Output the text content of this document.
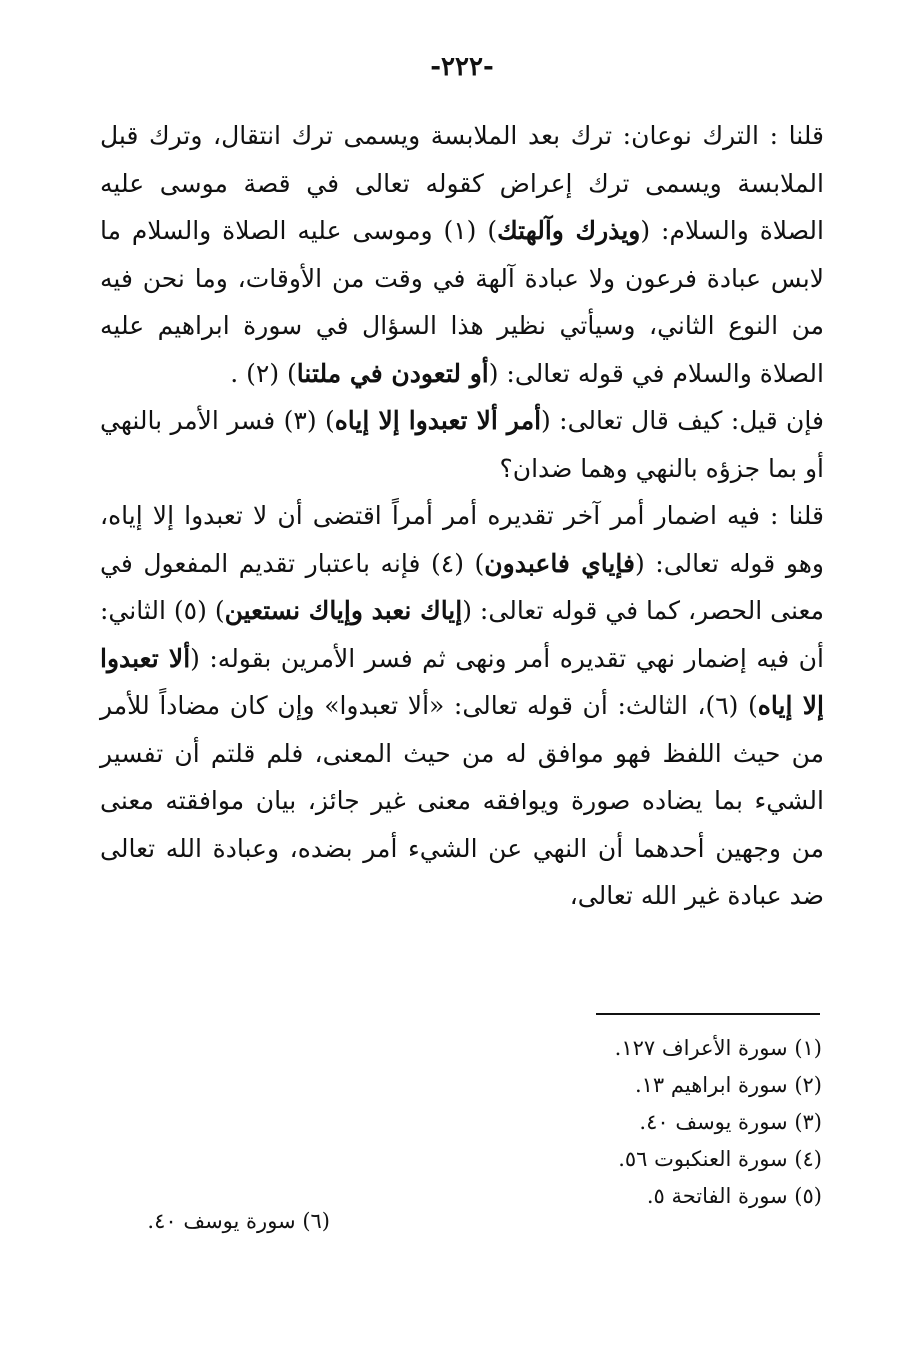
-٢٢٢-

قلنا : الترك نوعان: ترك بعد الملابسة ويسمى ترك انتقال، وترك قبل الملابسة ويسمى ترك إعراض كقوله تعالى في قصة موسى عليه الصلاة والسلام: (ويذرك وآلهتك) (١) وموسى عليه الصلاة والسلام ما لابس عبادة فرعون ولا عبادة آلهة في وقت من الأوقات، وما نحن فيه من النوع الثاني، وسيأتي نظير هذا السؤال في سورة ابراهيم عليه الصلاة والسلام في قوله تعالى: (أو لتعودن في ملتنا) (٢) .

فإن قيل: كيف قال تعالى: (أمر ألا تعبدوا إلا إياه) (٣) فسر الأمر بالنهي أو بما جزؤه بالنهي وهما ضدان؟

قلنا : فيه اضمار أمر آخر تقديره أمر أمراً اقتضى أن لا تعبدوا إلا إياه، وهو قوله تعالى: (فإياي فاعبدون) (٤) فإنه باعتبار تقديم المفعول في معنى الحصر، كما في قوله تعالى: (إياك نعبد وإياك نستعين) (٥) الثاني: أن فيه إضمار نهي تقديره أمر ونهى ثم فسر الأمرين بقوله: (ألا تعبدوا إلا إياه) (٦)، الثالث: أن قوله تعالى: «ألا تعبدوا» وإن كان مضاداً للأمر من حيث اللفظ فهو موافق له من حيث المعنى، فلم قلتم أن تفسير الشيء بما يضاده صورة ويوافقه معنى غير جائز، بيان موافقته معنى من وجهين أحدهما أن النهي عن الشيء أمر بضده، وعبادة الله تعالى ضد عبادة غير الله تعالى،

(١) سورة الأعراف ١٢٧.
(٢) سورة ابراهيم ١٣.
(٣) سورة يوسف ٤٠.
(٤) سورة العنكبوت ٥٦.
(٥) سورة الفاتحة ٥.
(٦) سورة يوسف ٤٠.
